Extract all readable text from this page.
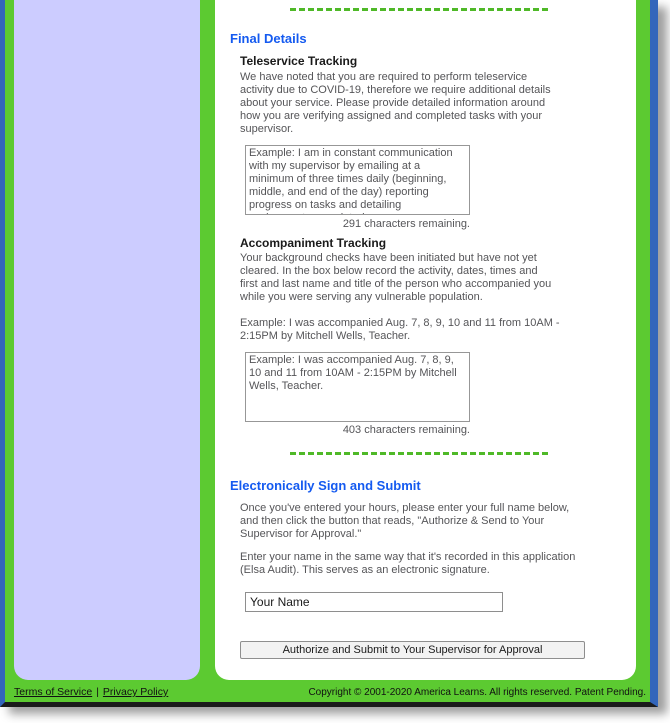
Final Details
Teleservice Tracking
We have noted that you are required to perform teleservice activity due to COVID-19, therefore we require additional details about your service. Please provide detailed information around how you are verifying assigned and completed tasks with your supervisor.
Example: I am in constant communication with my supervisor by emailing at a minimum of three times daily (beginning, middle, and end of the day) reporting progress on tasks and detailing assignments completed.
291 characters remaining.
Accompaniment Tracking
Your background checks have been initiated but have not yet cleared. In the box below record the activity, dates, times and first and last name and title of the person who accompanied you while you were serving any vulnerable population.
Example: I was accompanied Aug. 7, 8, 9, 10 and 11 from 10AM - 2:15PM by Mitchell Wells, Teacher.
Example: I was accompanied Aug. 7, 8, 9, 10 and 11 from 10AM - 2:15PM by Mitchell Wells, Teacher.
403 characters remaining.
Electronically Sign and Submit
Once you've entered your hours, please enter your full name below, and then click the button that reads, "Authorize & Send to Your Supervisor for Approval."
Enter your name in the same way that it's recorded in this application (Elsa Audit). This serves as an electronic signature.
Your Name
Authorize and Submit to Your Supervisor for Approval
Terms of Service | Privacy Policy	Copyright © 2001-2020 America Learns. All rights reserved. Patent Pending.
